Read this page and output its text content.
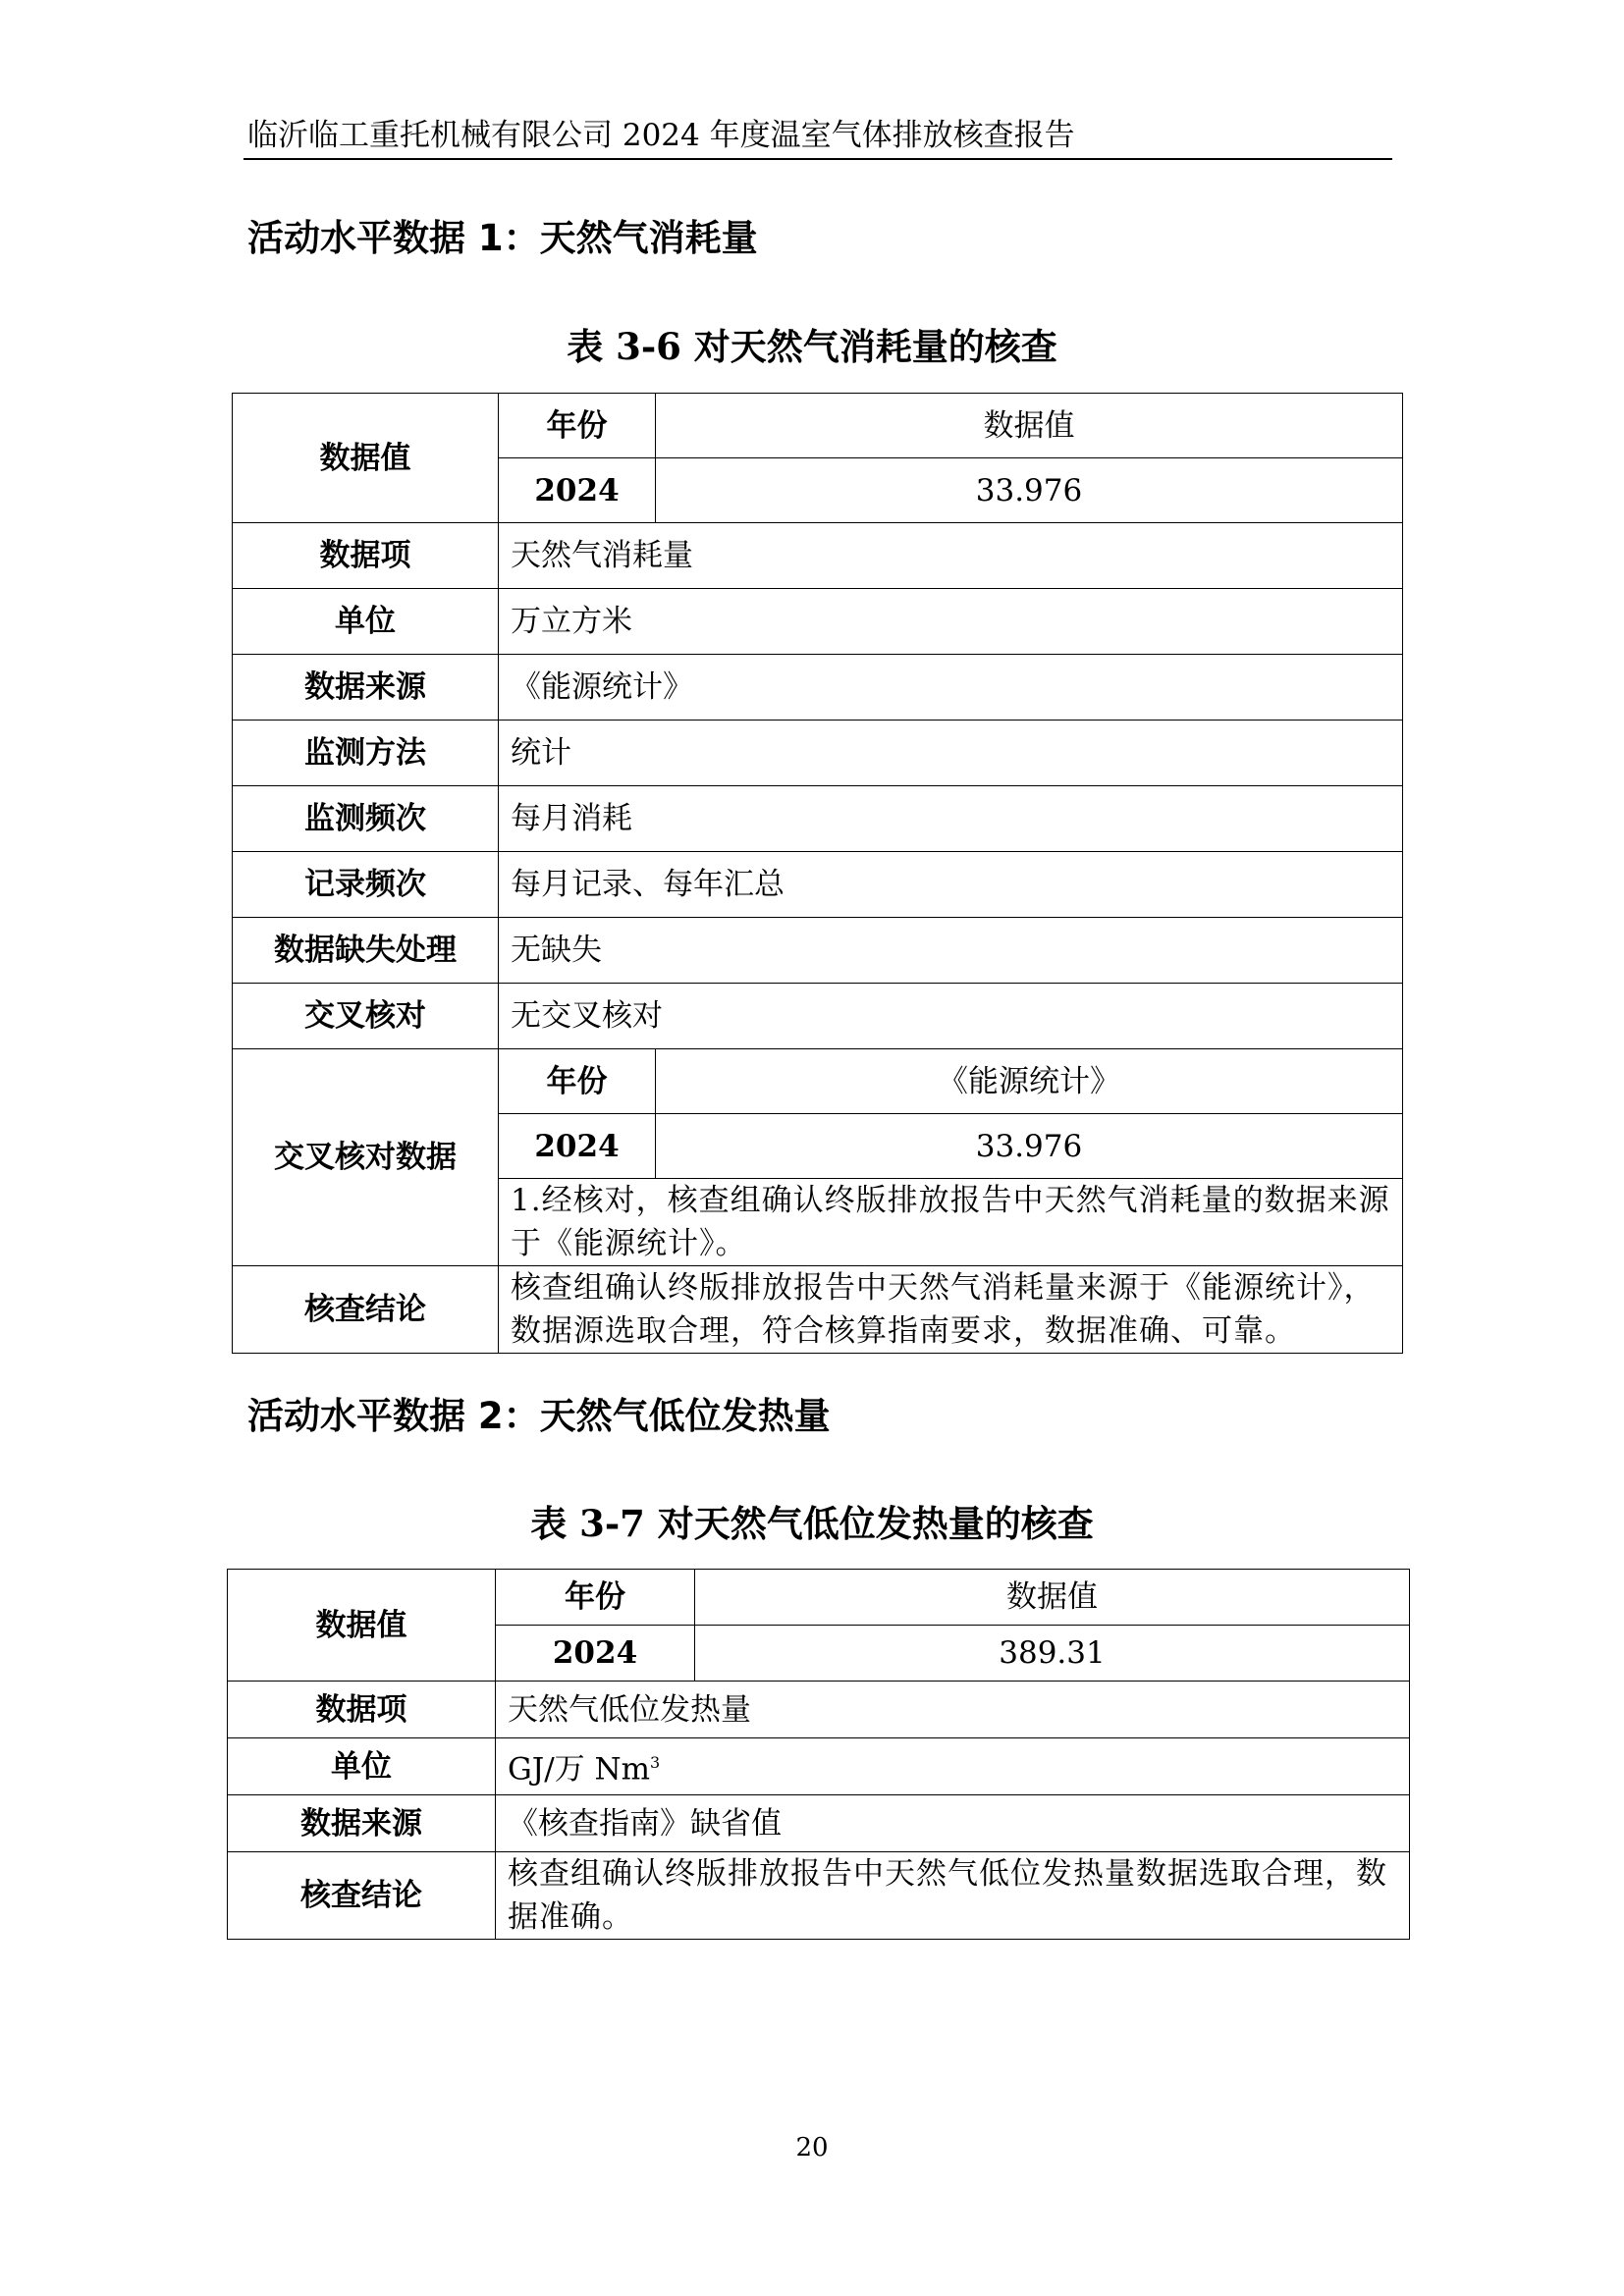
临沂临工重托机械有限公司 2024 年度温室气体排放核查报告
活动水平数据 1：天然气消耗量
表 3-6 对天然气消耗量的核查
数据值	年份	数据值
	2024	33.976
数据项	天然气消耗量	
单位	万立方米	
数据来源	《能源统计》	
监测方法	统计	
监测频次	每月消耗	
记录频次	每月记录、每年汇总	
数据缺失处理	无缺失	
交叉核对	无交叉核对	
交叉核对数据	年份	《能源统计》
	2024	33.976
	1.经核对，核查组确认终版排放报告中天然气消耗量的数据来源于《能源统计》。	
核查结论	核查组确认终版排放报告中天然气消耗量来源于《能源统计》，数据源选取合理，符合核算指南要求，数据准确、可靠。	
活动水平数据 2：天然气低位发热量
表 3-7 对天然气低位发热量的核查
数据值	年份	数据值
	2024	389.31
数据项	天然气低位发热量	
单位	GJ/万 Nm$^3$
数据来源	《核查指南》缺省值	
核查结论	核查组确认终版排放报告中天然气低位发热量数据选取合理，数据准确。	
20
